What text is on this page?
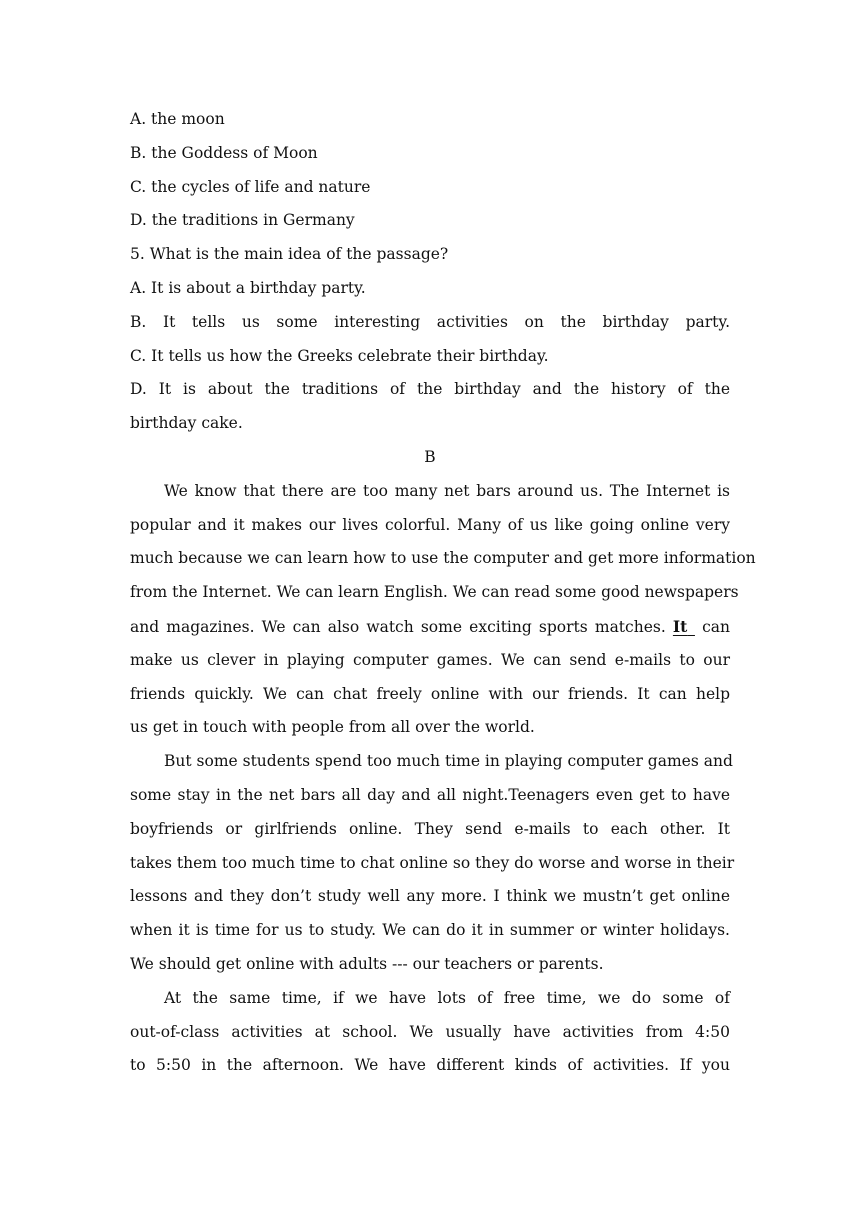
A. the moon
B. the Goddess of Moon
C. the cycles of life and nature
D. the traditions in Germany
5. What is the main idea of the passage?
A. It is about a birthday party.
B. It tells us some interesting activities on the birthday party.
C. It tells us how the Greeks celebrate their birthday.
D. It is about the traditions of the birthday and the history of the
birthday cake.
B
We know that there are too many net bars around us. The Internet is
popular and it makes our lives colorful. Many of us like going online very
much because we can learn how to use the computer and get more information
from the Internet. We can learn English. We can read some good newspapers
and magazines. We can also watch some exciting sports matches. It can
make us clever in playing computer games. We can send e-mails to our
friends quickly. We can chat freely online with our friends. It can help
us get in touch with people from all over the world.
But some students spend too much time in playing computer games and
some stay in the net bars all day and all night.Teenagers even get to have
boyfriends or girlfriends online. They send e-mails to each other. It
takes them too much time to chat online so they do worse and worse in their
lessons and they don’t study well any more. I think we mustn’t get online
when it is time for us to study. We can do it in summer or winter holidays.
We should get online with adults --- our teachers or parents.
At the same time, if we have lots of free time, we do some of
out-of-class activities at school. We usually have activities from 4:50
to 5:50 in the afternoon. We have different kinds of activities. If you
